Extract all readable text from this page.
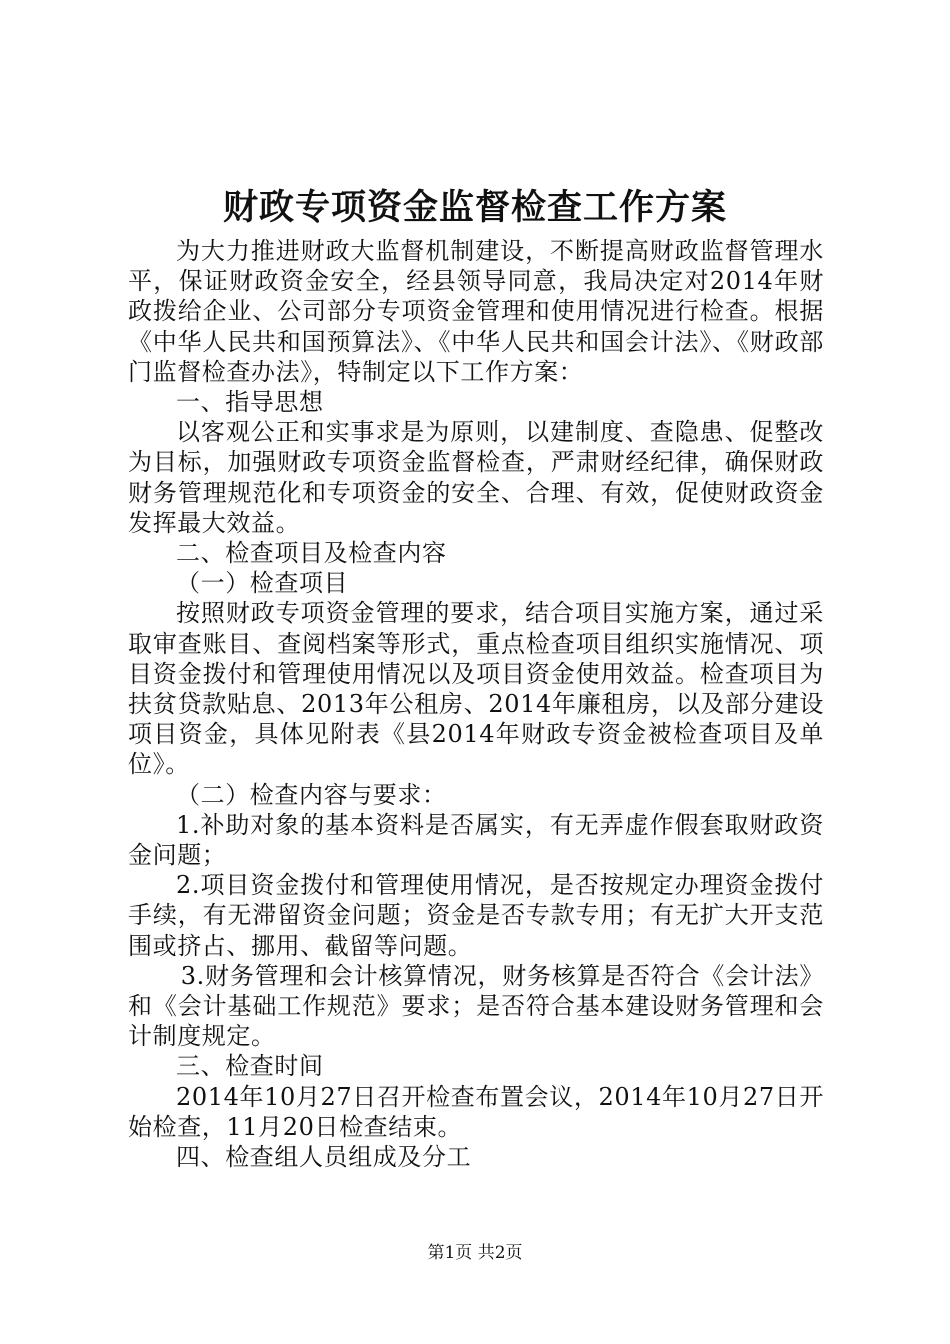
财政专项资金监督检查工作方案

为大力推进财政大监督机制建设，不断提高财政监督管理水平，保证财政资金安全，经县领导同意，我局决定对2014年财政拨给企业、公司部分专项资金管理和使用情况进行检查。根据《中华人民共和国预算法》、《中华人民共和国会计法》、《财政部门监督检查办法》，特制定以下工作方案：

一、指导思想

以客观公正和实事求是为原则，以建制度、查隐患、促整改为目标，加强财政专项资金监督检查，严肃财经纪律，确保财政财务管理规范化和专项资金的安全、合理、有效，促使财政资金发挥最大效益。

二、检查项目及检查内容

（一）检查项目

按照财政专项资金管理的要求，结合项目实施方案，通过采取审查账目、查阅档案等形式，重点检查项目组织实施情况、项目资金拨付和管理使用情况以及项目资金使用效益。检查项目为扶贫贷款贴息、2013年公租房、2014年廉租房，以及部分建设项目资金，具体见附表《县2014年财政专资金被检查项目及单位》。

（二）检查内容与要求：

1.补助对象的基本资料是否属实，有无弄虚作假套取财政资金问题；

2.项目资金拨付和管理使用情况，是否按规定办理资金拨付手续，有无滞留资金问题；资金是否专款专用；有无扩大开支范围或挤占、挪用、截留等问题。

3.财务管理和会计核算情况，财务核算是否符合《会计法》和《会计基础工作规范》要求；是否符合基本建设财务管理和会计制度规定。

三、检查时间

2014年10月27日召开检查布置会议，2014年10月27日开始检查，11月20日检查结束。

四、检查组人员组成及分工

第1页 共2页
